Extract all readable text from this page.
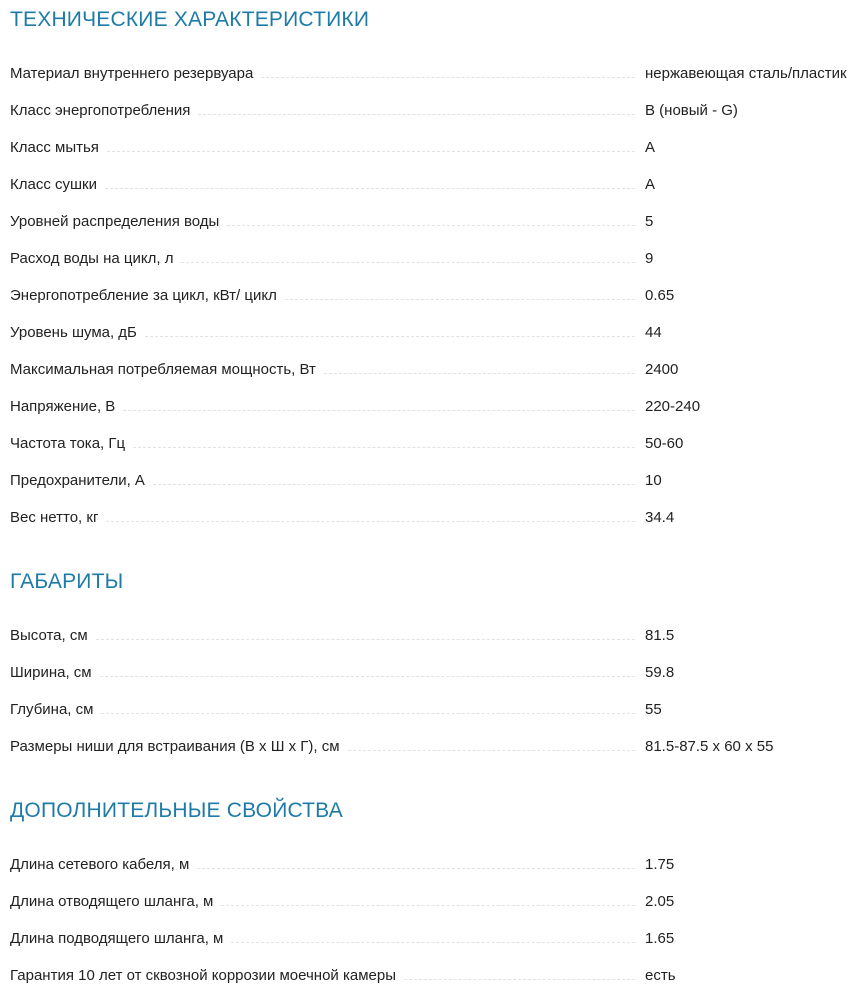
ТЕХНИЧЕСКИЕ ХАРАКТЕРИСТИКИ
Материал внутреннего резервуара	нержавеющая сталь/пластик
Класс энергопотребления	B (новый - G)
Класс мытья	А
Класс сушки	А
Уровней распределения воды	5
Расход воды на цикл, л	9
Энергопотребление за цикл, кВт/ цикл	0.65
Уровень шума, дБ	44
Максимальная потребляемая мощность, Вт	2400
Напряжение, В	220-240
Частота тока, Гц	50-60
Предохранители, А	10
Вес нетто, кг	34.4
ГАБАРИТЫ
Высота, см	81.5
Ширина, см	59.8
Глубина, см	55
Размеры ниши для встраивания (В х Ш х Г), см	81.5-87.5 x 60 x 55
ДОПОЛНИТЕЛЬНЫЕ СВОЙСТВА
Длина сетевого кабеля, м	1.75
Длина отводящего шланга, м	2.05
Длина подводящего шланга, м	1.65
Гарантия 10 лет от сквозной коррозии моечной камеры	есть
